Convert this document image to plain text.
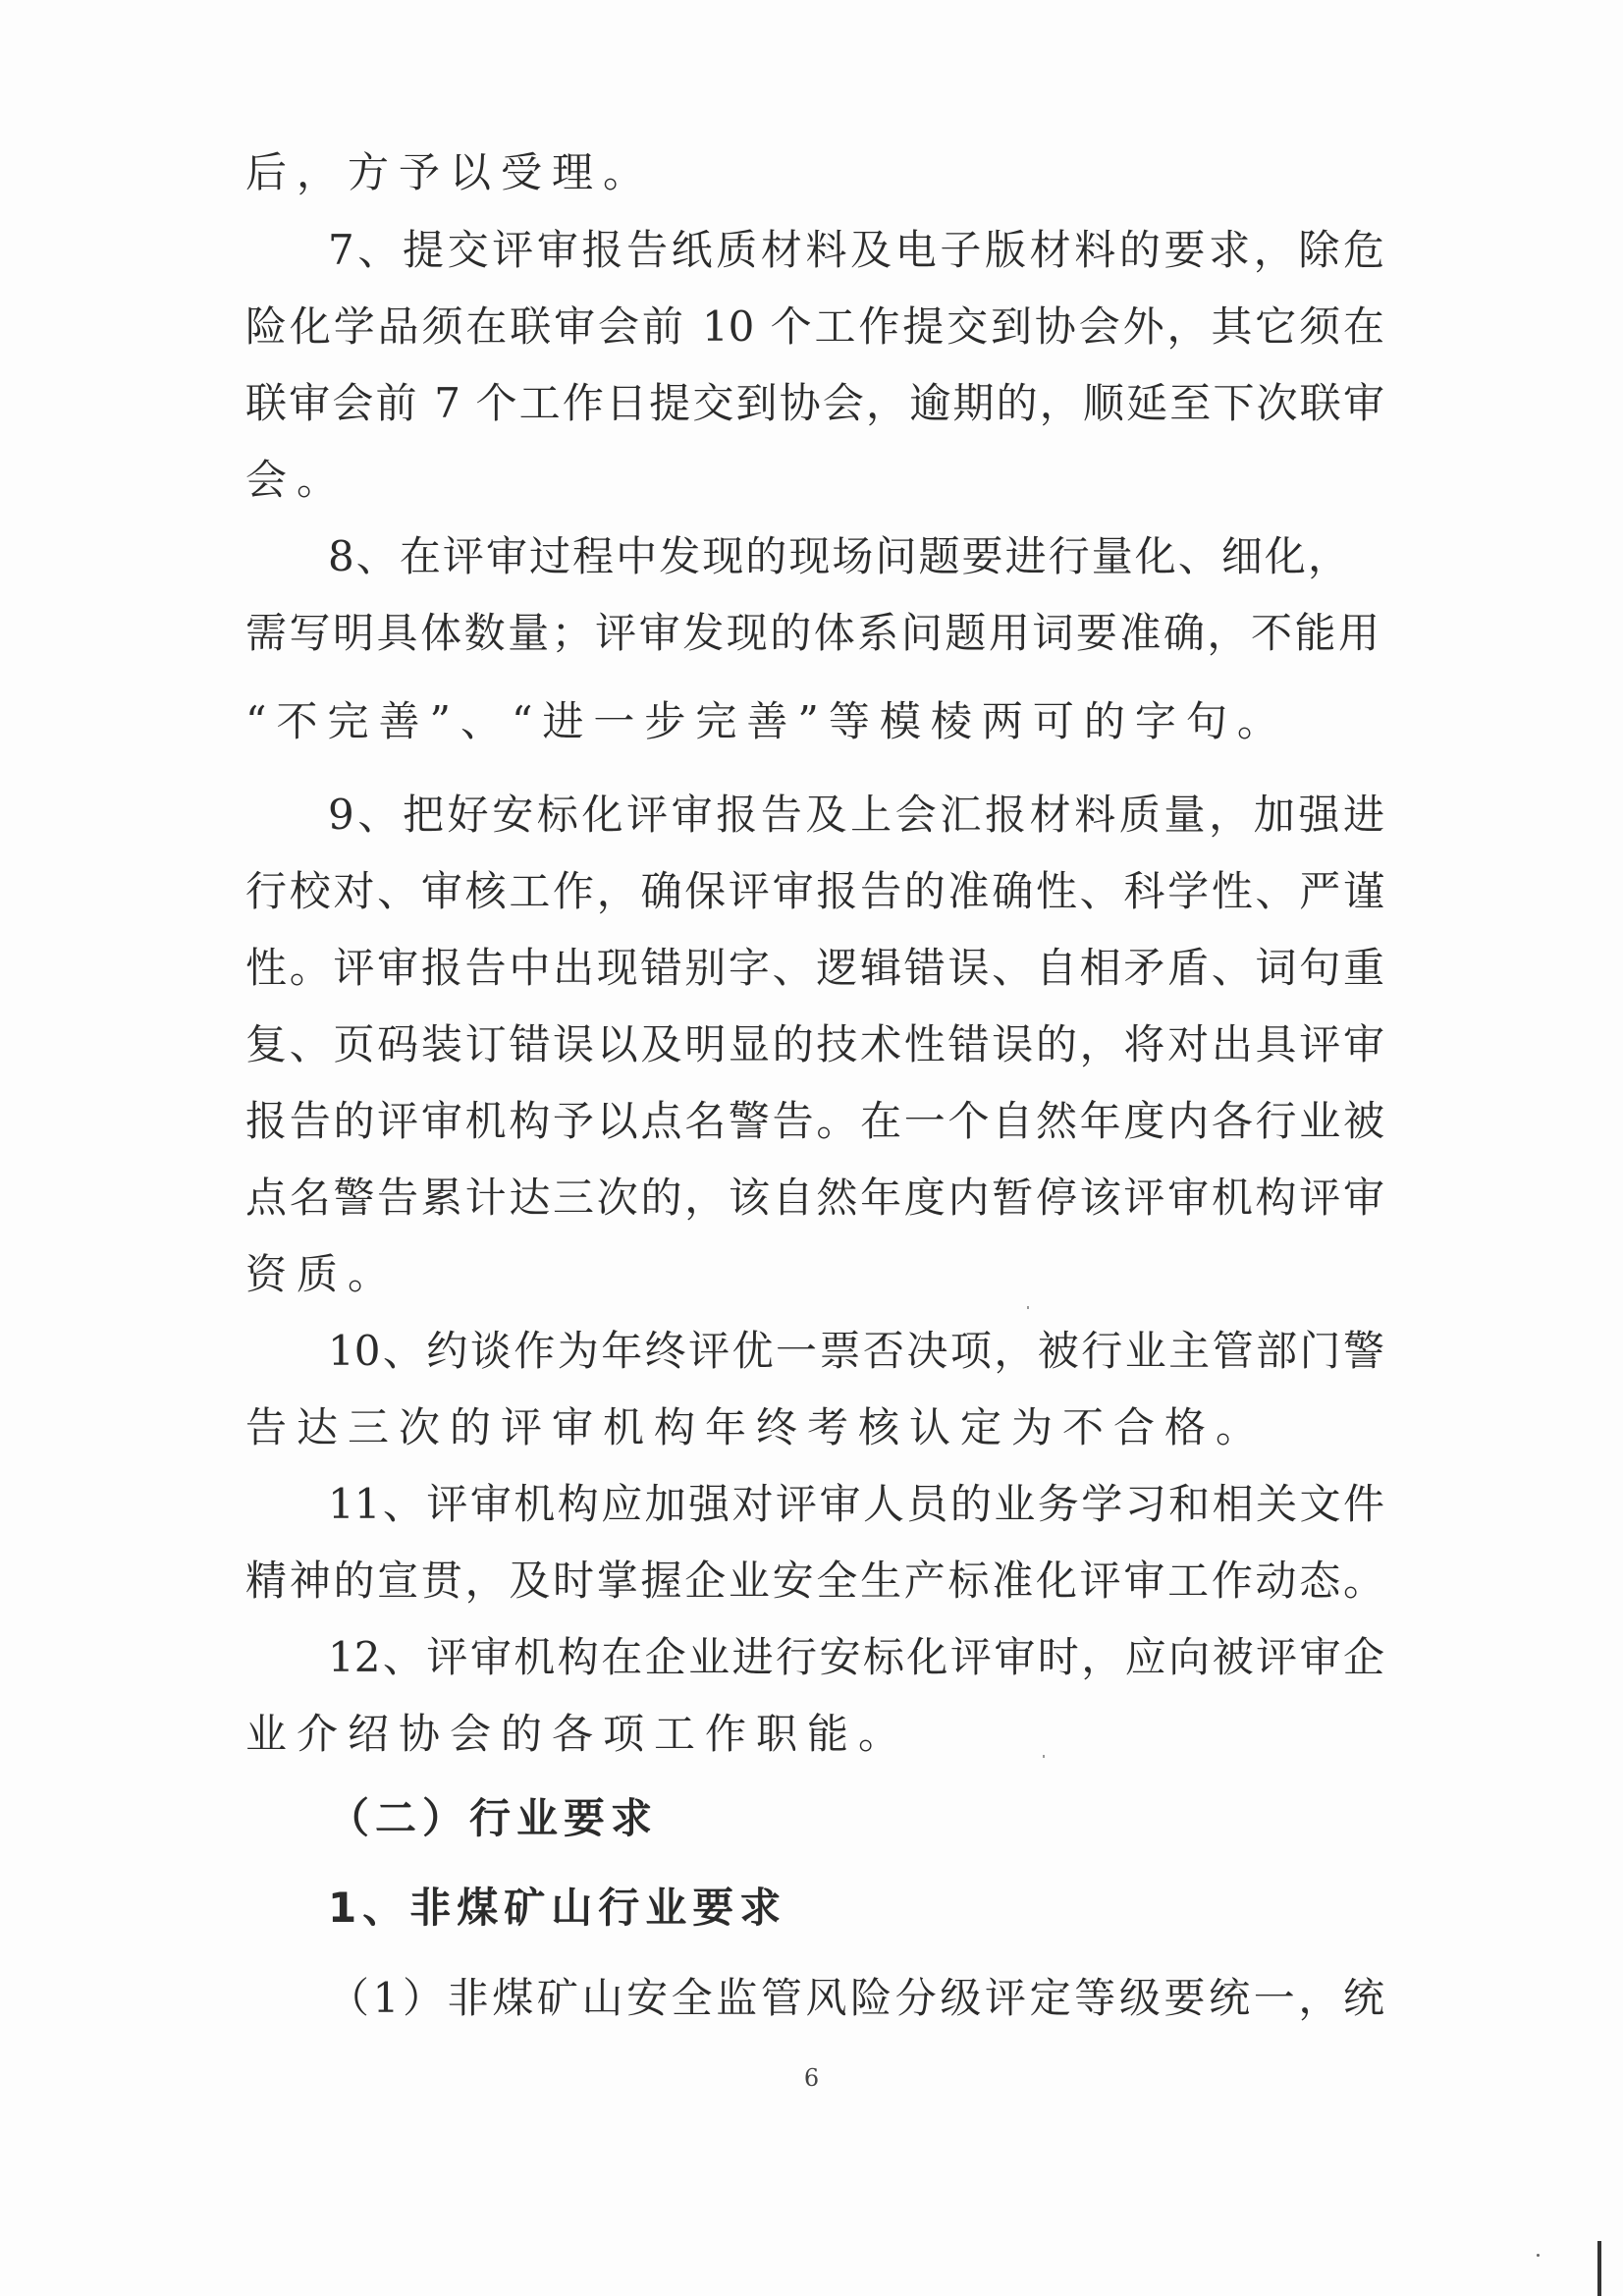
后，方予以受理。
7、提交评审报告纸质材料及电子版材料的要求，除危
险化学品须在联审会前 10 个工作提交到协会外，其它须在
联审会前 7 个工作日提交到协会，逾期的，顺延至下次联审
会。
8、在评审过程中发现的现场问题要进行量化、细化，
需写明具体数量；评审发现的体系问题用词要准确，不能用
“不完善”、“进一步完善”等模棱两可的字句。
9、把好安标化评审报告及上会汇报材料质量，加强进
行校对、审核工作，确保评审报告的准确性、科学性、严谨
性。评审报告中出现错别字、逻辑错误、自相矛盾、词句重
复、页码装订错误以及明显的技术性错误的，将对出具评审
报告的评审机构予以点名警告。在一个自然年度内各行业被
点名警告累计达三次的，该自然年度内暂停该评审机构评审
资质。
10、约谈作为年终评优一票否决项，被行业主管部门警
告达三次的评审机构年终考核认定为不合格。
11、评审机构应加强对评审人员的业务学习和相关文件
精神的宣贯，及时掌握企业安全生产标准化评审工作动态。
12、评审机构在企业进行安标化评审时，应向被评审企
业介绍协会的各项工作职能。
（二）行业要求
1、非煤矿山行业要求
（1）非煤矿山安全监管风险分级评定等级要统一，统
6
